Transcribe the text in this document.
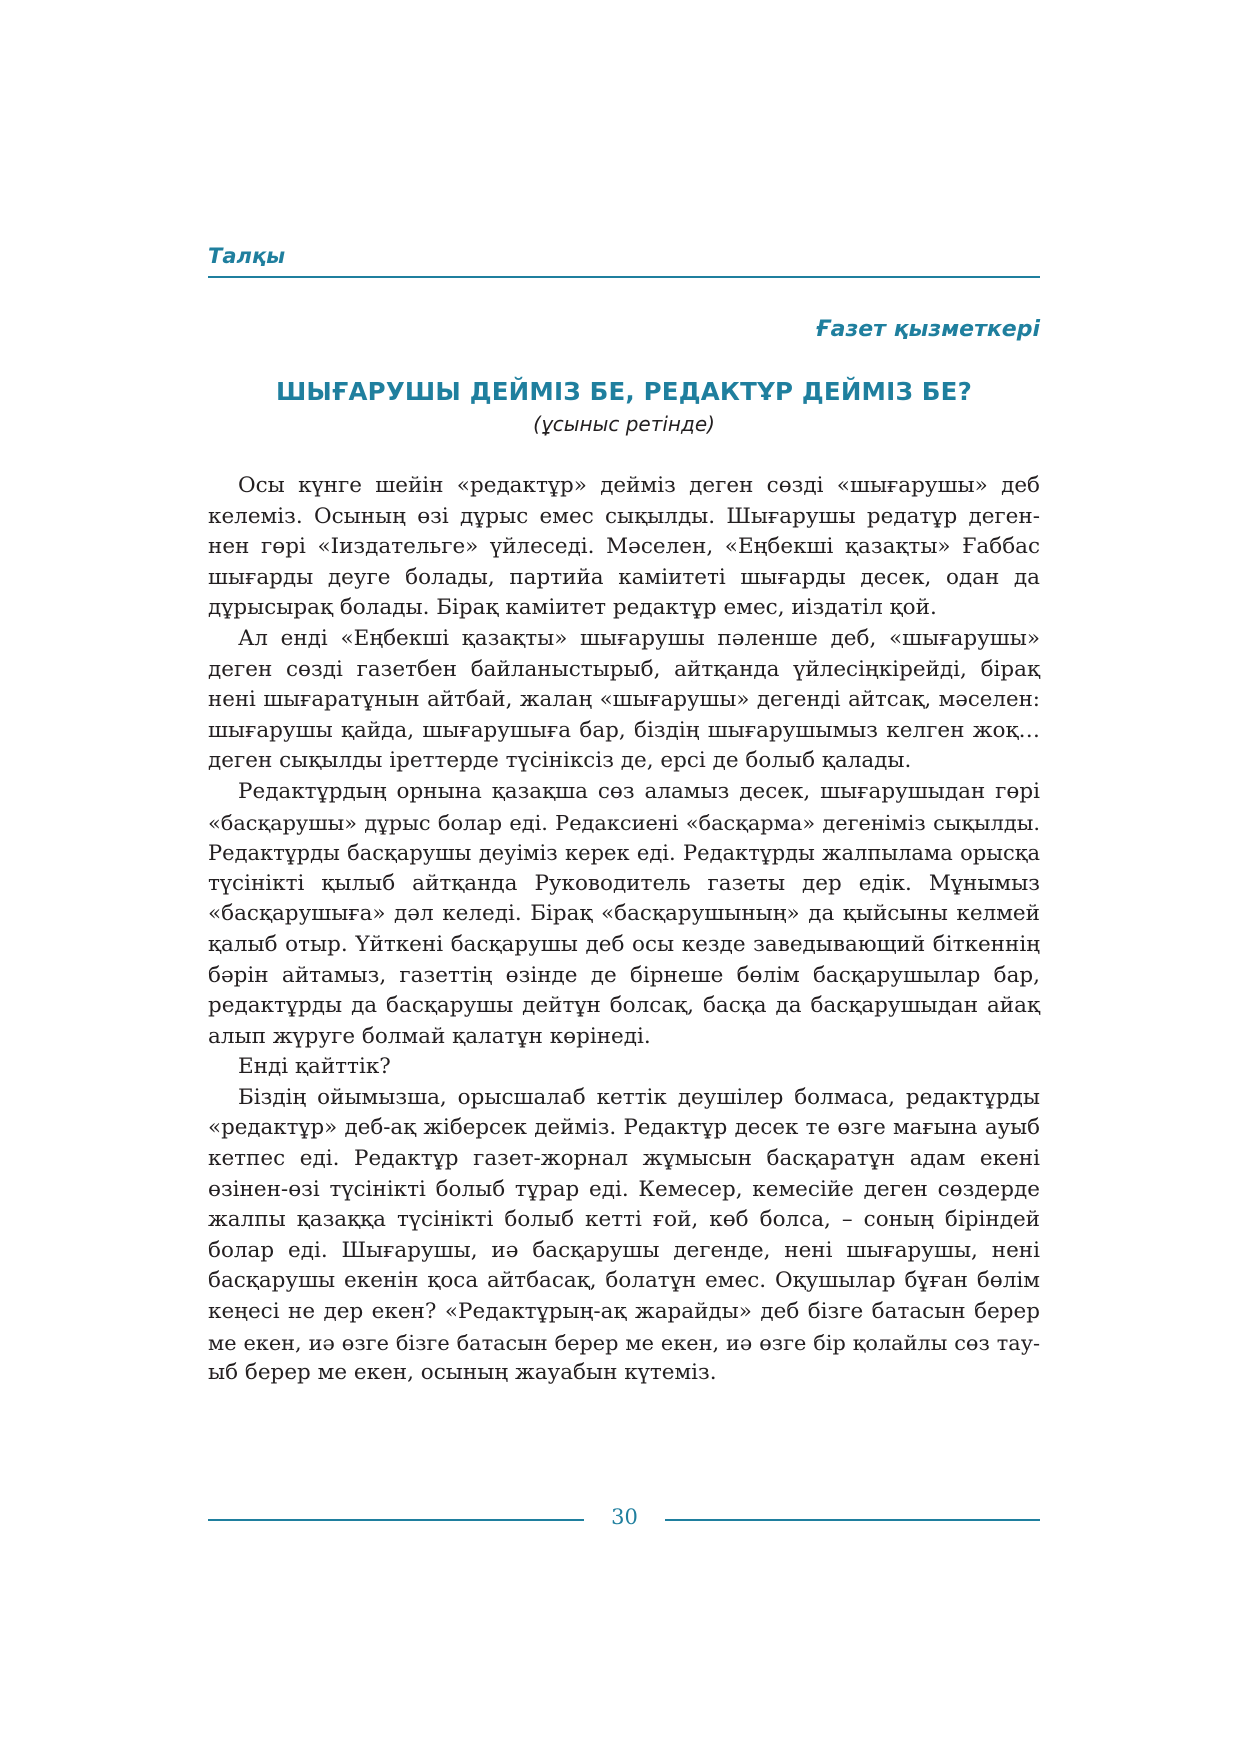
Талқы
Ғазет қызметкері
ШЫҒАРУШЫ ДЕЙМІЗ БЕ, РЕДАКТҰР ДЕЙМІЗ БЕ?
(ұсыныс ретінде)
Осы күнге шейін «редактұр» дейміз деген сөзді «шығарушы» деб
келеміз. Осының өзі дұрыс емес сықылды. Шығарушы редатұр деген-
нен гөрі «Іиздательге» үйлеседі. Мәселен, «Еңбекші қазақты» Ғаббас
шығарды деуге болады, партийа каміитеті шығарды десек, одан да
дұрысырақ болады. Бірақ каміитет редактұр емес, иіздатіл қой.
Ал енді «Еңбекші қазақты» шығарушы пәленше деб, «шығарушы»
деген сөзді газетбен байланыстырыб, айтқанда үйлесіңкірейді, бірақ
нені шығаратұнын айтбай, жалаң «шығарушы» дегенді айтсақ, мәселен:
шығарушы қайда, шығарушыға бар, біздің шығарушымыз келген жоқ…
деген сықылды іреттерде түсініксіз де, ерсі де болыб қалады.
Редактұрдың орнына қазақша сөз аламыз десек, шығарушыдан гөрі
«басқарушы» дұрыс болар еді. Редаксиені «басқарма» дегеніміз сықылды.
Редактұрды басқарушы деуіміз керек еді. Редактұрды жалпылама орысқа
түсінікті қылыб айтқанда Руководитель газеты дер едік. Мұнымыз
«басқарушыға» дәл келеді. Бірақ «басқарушының» да қыйсыны келмей
қалыб отыр. Үйткені басқарушы деб осы кезде заведывающий біткеннің
бәрін айтамыз, газеттің өзінде де бірнеше бөлім басқарушылар бар,
редактұрды да басқарушы дейтұн болсақ, басқа да басқарушыдан айақ
алып жүруге болмай қалатұн көрінеді.
Енді қайттік?
Біздің ойымызша, орысшалаб кеттік деушілер болмаса, редактұрды
«редактұр» деб-ақ жіберсек дейміз. Редактұр десек те өзге мағына ауыб
кетпес еді. Редактұр газет-жорнал жұмысын басқаратұн адам екені
өзінен-өзі түсінікті болыб тұрар еді. Кемесер, кемесійе деген сөздерде
жалпы қазаққа түсінікті болыб кетті ғой, көб болса, – соның біріндей
болар еді. Шығарушы, иә басқарушы дегенде, нені шығарушы, нені
басқарушы екенін қоса айтбасақ, болатұн емес. Оқушылар бұған бөлім
кеңесі не дер екен? «Редактұрың-ақ жарайды» деб бізге батасын берер
ме екен, иә өзге бізге батасын берер ме екен, иә өзге бір қолайлы сөз тау-
ыб берер ме екен, осының жауабын күтеміз.
30
